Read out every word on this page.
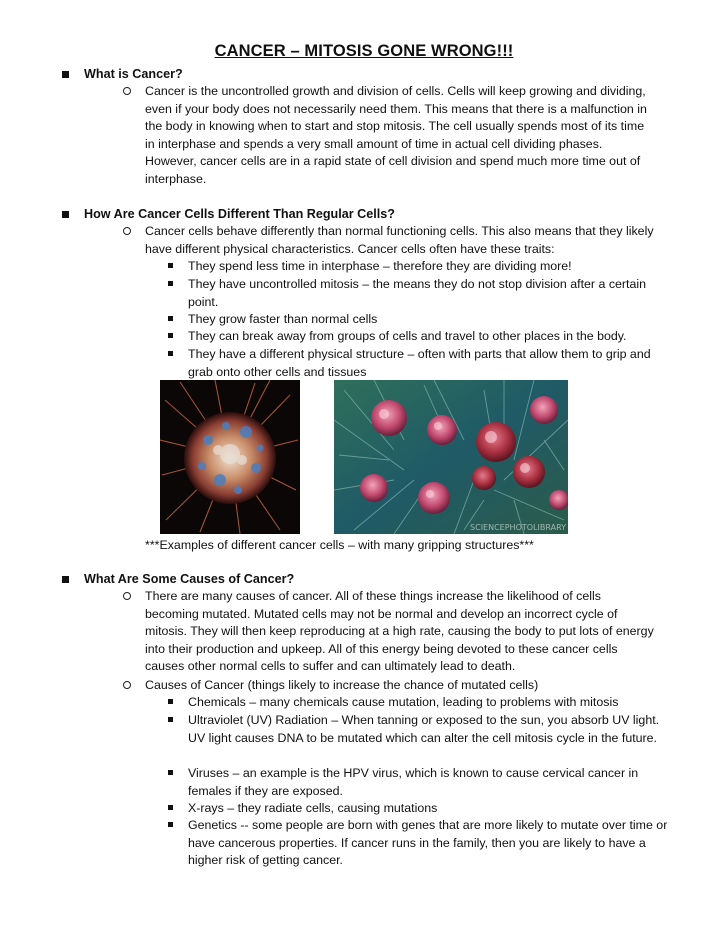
CANCER – MITOSIS GONE WRONG!!!
What is Cancer?
Cancer is the uncontrolled growth and division of cells. Cells will keep growing and dividing, even if your body does not necessarily need them. This means that there is a malfunction in the body in knowing when to start and stop mitosis. The cell usually spends most of its time in interphase and spends a very small amount of time in actual cell dividing phases. However, cancer cells are in a rapid state of cell division and spend much more time out of interphase.
How Are Cancer Cells Different Than Regular Cells?
Cancer cells behave differently than normal functioning cells. This also means that they likely have different physical characteristics. Cancer cells often have these traits:
They spend less time in interphase – therefore they are dividing more!
They have uncontrolled mitosis – the means they do not stop division after a certain point.
They grow faster than normal cells
They can break away from groups of cells and travel to other places in the body.
They have a different physical structure – often with parts that allow them to grip and grab onto other cells and tissues
SCIENCEPHOTOLIBRARY
***Examples of different cancer cells – with many gripping structures***
What Are Some Causes of Cancer?
There are many causes of cancer. All of these things increase the likelihood of cells becoming mutated. Mutated cells may not be normal and develop an incorrect cycle of mitosis. They will then keep reproducing at a high rate, causing the body to put lots of energy into their production and upkeep. All of this energy being devoted to these cancer cells causes other normal cells to suffer and can ultimately lead to death.
Causes of Cancer (things likely to increase the chance of mutated cells)
Chemicals – many chemicals cause mutation, leading to problems with mitosis
Ultraviolet (UV) Radiation – When tanning or exposed to the sun, you absorb UV light. UV light causes DNA to be mutated which can alter the cell mitosis cycle in the future.
Viruses – an example is the HPV virus, which is known to cause cervical cancer in females if they are exposed.
X-rays – they radiate cells, causing mutations
Genetics -- some people are born with genes that are more likely to mutate over time or have cancerous properties. If cancer runs in the family, then you are likely to have a higher risk of getting cancer.
